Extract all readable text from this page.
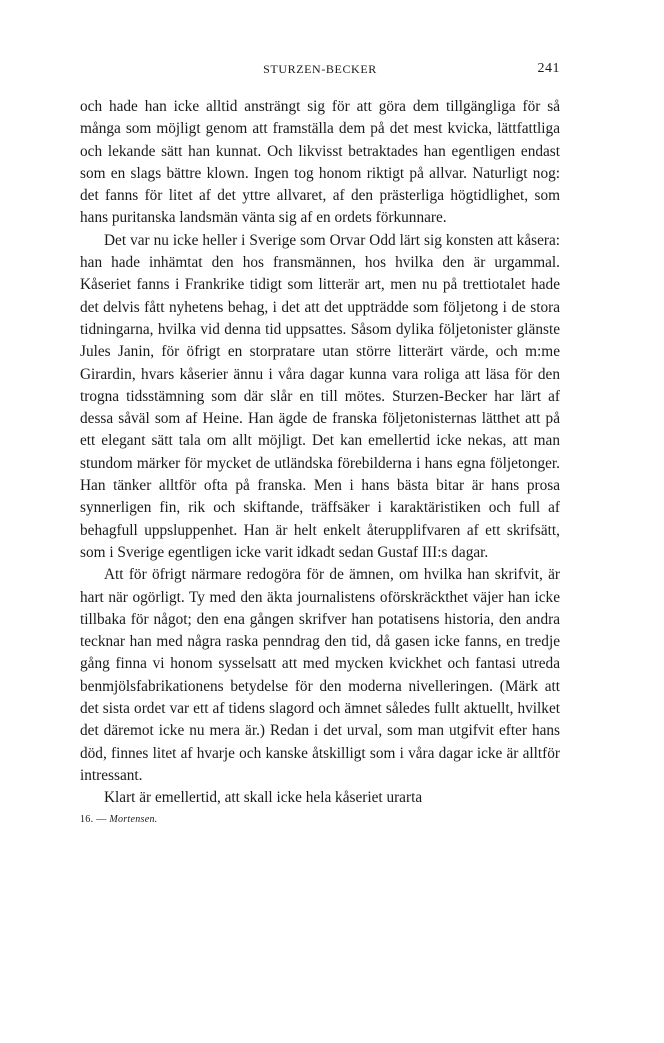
STURZEN-BECKER	241

och hade han icke alltid ansträngt sig för att göra dem tillgängliga för så många som möjligt genom att framställa dem på det mest kvicka, lättfattliga och lekande sätt han kunnat. Och likvisst betraktades han egentligen endast som en slags bättre klown. Ingen tog honom riktigt på allvar. Naturligt nog: det fanns för litet af det yttre allvaret, af den prästerliga högtidlighet, som hans puritanska landsmän vänta sig af en ordets förkunnare.

Det var nu icke heller i Sverige som Orvar Odd lärt sig konsten att kåsera: han hade inhämtat den hos fransmännen, hos hvilka den är urgammal. Kåseriet fanns i Frankrike tidigt som litterär art, men nu på trettiotalet hade det delvis fått nyhetens behag, i det att det uppträdde som följetong i de stora tidningarna, hvilka vid denna tid uppsattes. Såsom dylika följetonister glänste Jules Janin, för öfrigt en storpratare utan större litterärt värde, och m:me Girardin, hvars kåserier ännu i våra dagar kunna vara roliga att läsa för den trogna tidsstämning som där slår en till mötes. Sturzen-Becker har lärt af dessa såväl som af Heine. Han ägde de franska följetonisternas lätthet att på ett elegant sätt tala om allt möjligt. Det kan emellertid icke nekas, att man stundom märker för mycket de utländska förebilderna i hans egna följetonger. Han tänker alltför ofta på franska. Men i hans bästa bitar är hans prosa synnerligen fin, rik och skiftande, träffsäker i karaktäristiken och full af behagfull uppsluppenhet. Han är helt enkelt återupplifvaren af ett skrifsätt, som i Sverige egentligen icke varit idkadt sedan Gustaf III:s dagar.

Att för öfrigt närmare redogöra för de ämnen, om hvilka han skrifvit, är hart när ogörligt. Ty med den äkta journalistens oförskräckthet väjer han icke tillbaka för något; den ena gången skrifver han potatisens historia, den andra tecknar han med några raska penndrag den tid, då gasen icke fanns, en tredje gång finna vi honom sysselsatt att med mycken kvickhet och fantasi utreda benmjölsfabrikationens betydelse för den moderna nivelleringen. (Märk att det sista ordet var ett af tidens slagord och ämnet således fullt aktuellt, hvilket det däremot icke nu mera är.) Redan i det urval, som man utgifvit efter hans död, finnes litet af hvarje och kanske åtskilligt som i våra dagar icke är alltför intressant.

Klart är emellertid, att skall icke hela kåseriet urarta

16. — Mortensen.
